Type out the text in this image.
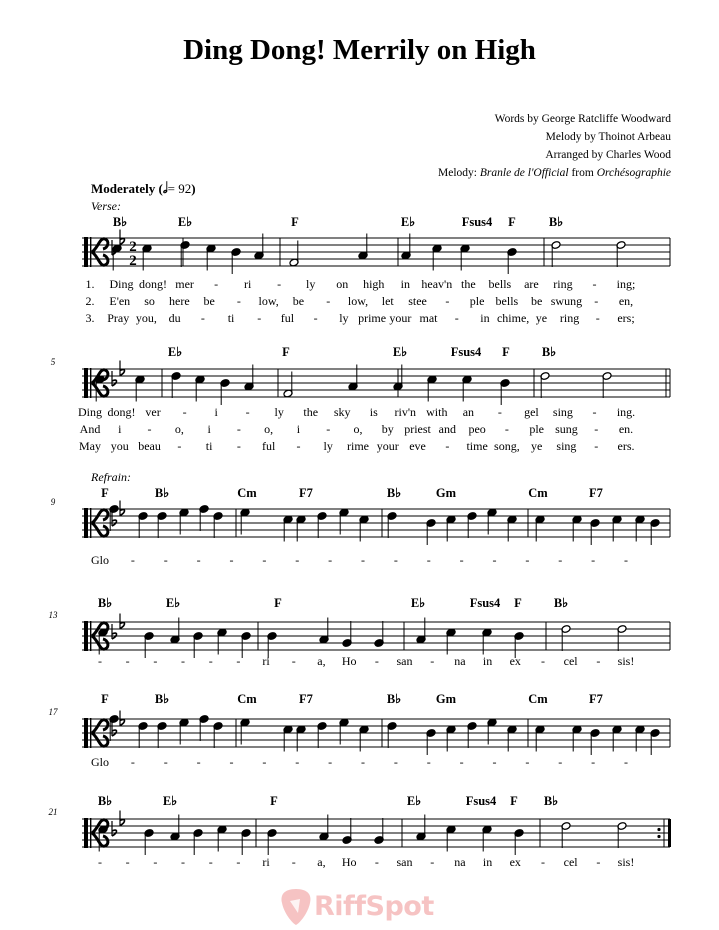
Ding Dong! Merrily on High
Words by George Ratcliffe Woodward
Melody by Thoinot Arbeau
Arranged by Charles Wood
Melody: Branle de l'Official from Orchésographie
Moderately (𝅗𝅥= 92)
Verse:
Refrain:
2
2
B♭	E♭	F	E♭	Fsus4 F	B♭
1. Ding dong! mer - ri - ly on high in heav'n the bells are ring - ing;
2. E'en so here be - low, be - low, let stee - ple bells be swung - en,
3. Pray you, du - ti - ful - ly prime your mat - in chime, ye ring - ers;
5
E♭	F	E♭	Fsus4 F	B♭
Ding dong! ver - i - ly the sky is riv'n with an - gel sing - ing.
And i - o, i - o, i - o, by priest and peo - ple sung - en.
May you beau - ti - ful - ly rime your eve - time song, ye sing - ers.
9
F	B♭	Cm	F7	B♭	Gm	Cm	F7
Glo - - - - - - - - - - - - - - - -
13
B♭	E♭	F	E♭	Fsus4 F	B♭
- - - - - - ri - a, Ho - san - na in ex - cel - sis!
17
F	B♭	Cm	F7	B♭	Gm	Cm	F7
Glo - - - - - - - - - - - - - - - -
21
B♭	E♭	F	E♭	Fsus4 F B♭
- - - - - - ri - a, Ho - san - na in ex - cel - sis!
RiffSpot
